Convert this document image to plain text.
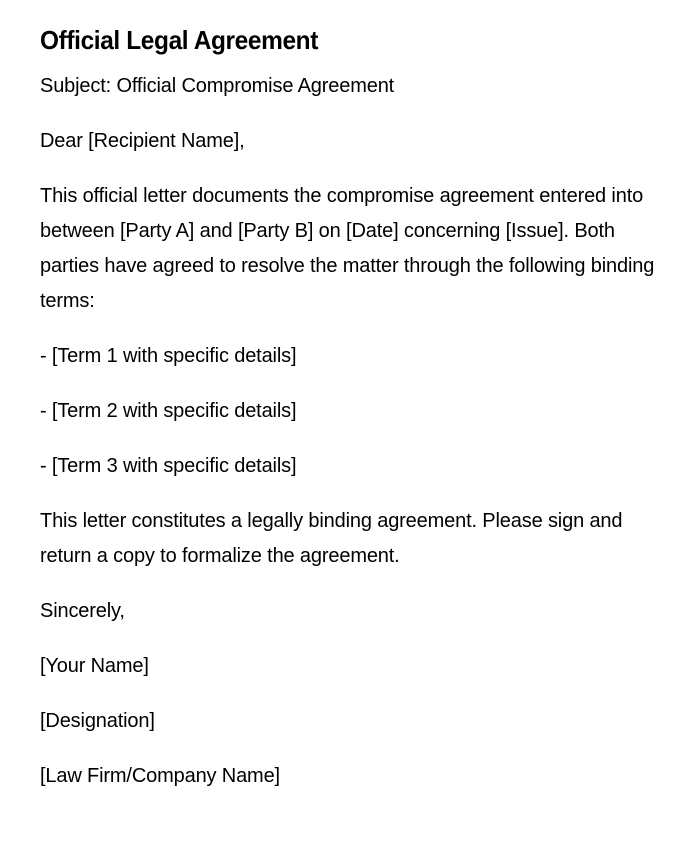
Official Legal Agreement

Subject: Official Compromise Agreement

Dear [Recipient Name],

This official letter documents the compromise agreement entered into between [Party A] and [Party B] on [Date] concerning [Issue]. Both parties have agreed to resolve the matter through the following binding terms:

- [Term 1 with specific details]

- [Term 2 with specific details]

- [Term 3 with specific details]

This letter constitutes a legally binding agreement. Please sign and return a copy to formalize the agreement.

Sincerely,

[Your Name]

[Designation]

[Law Firm/Company Name]
